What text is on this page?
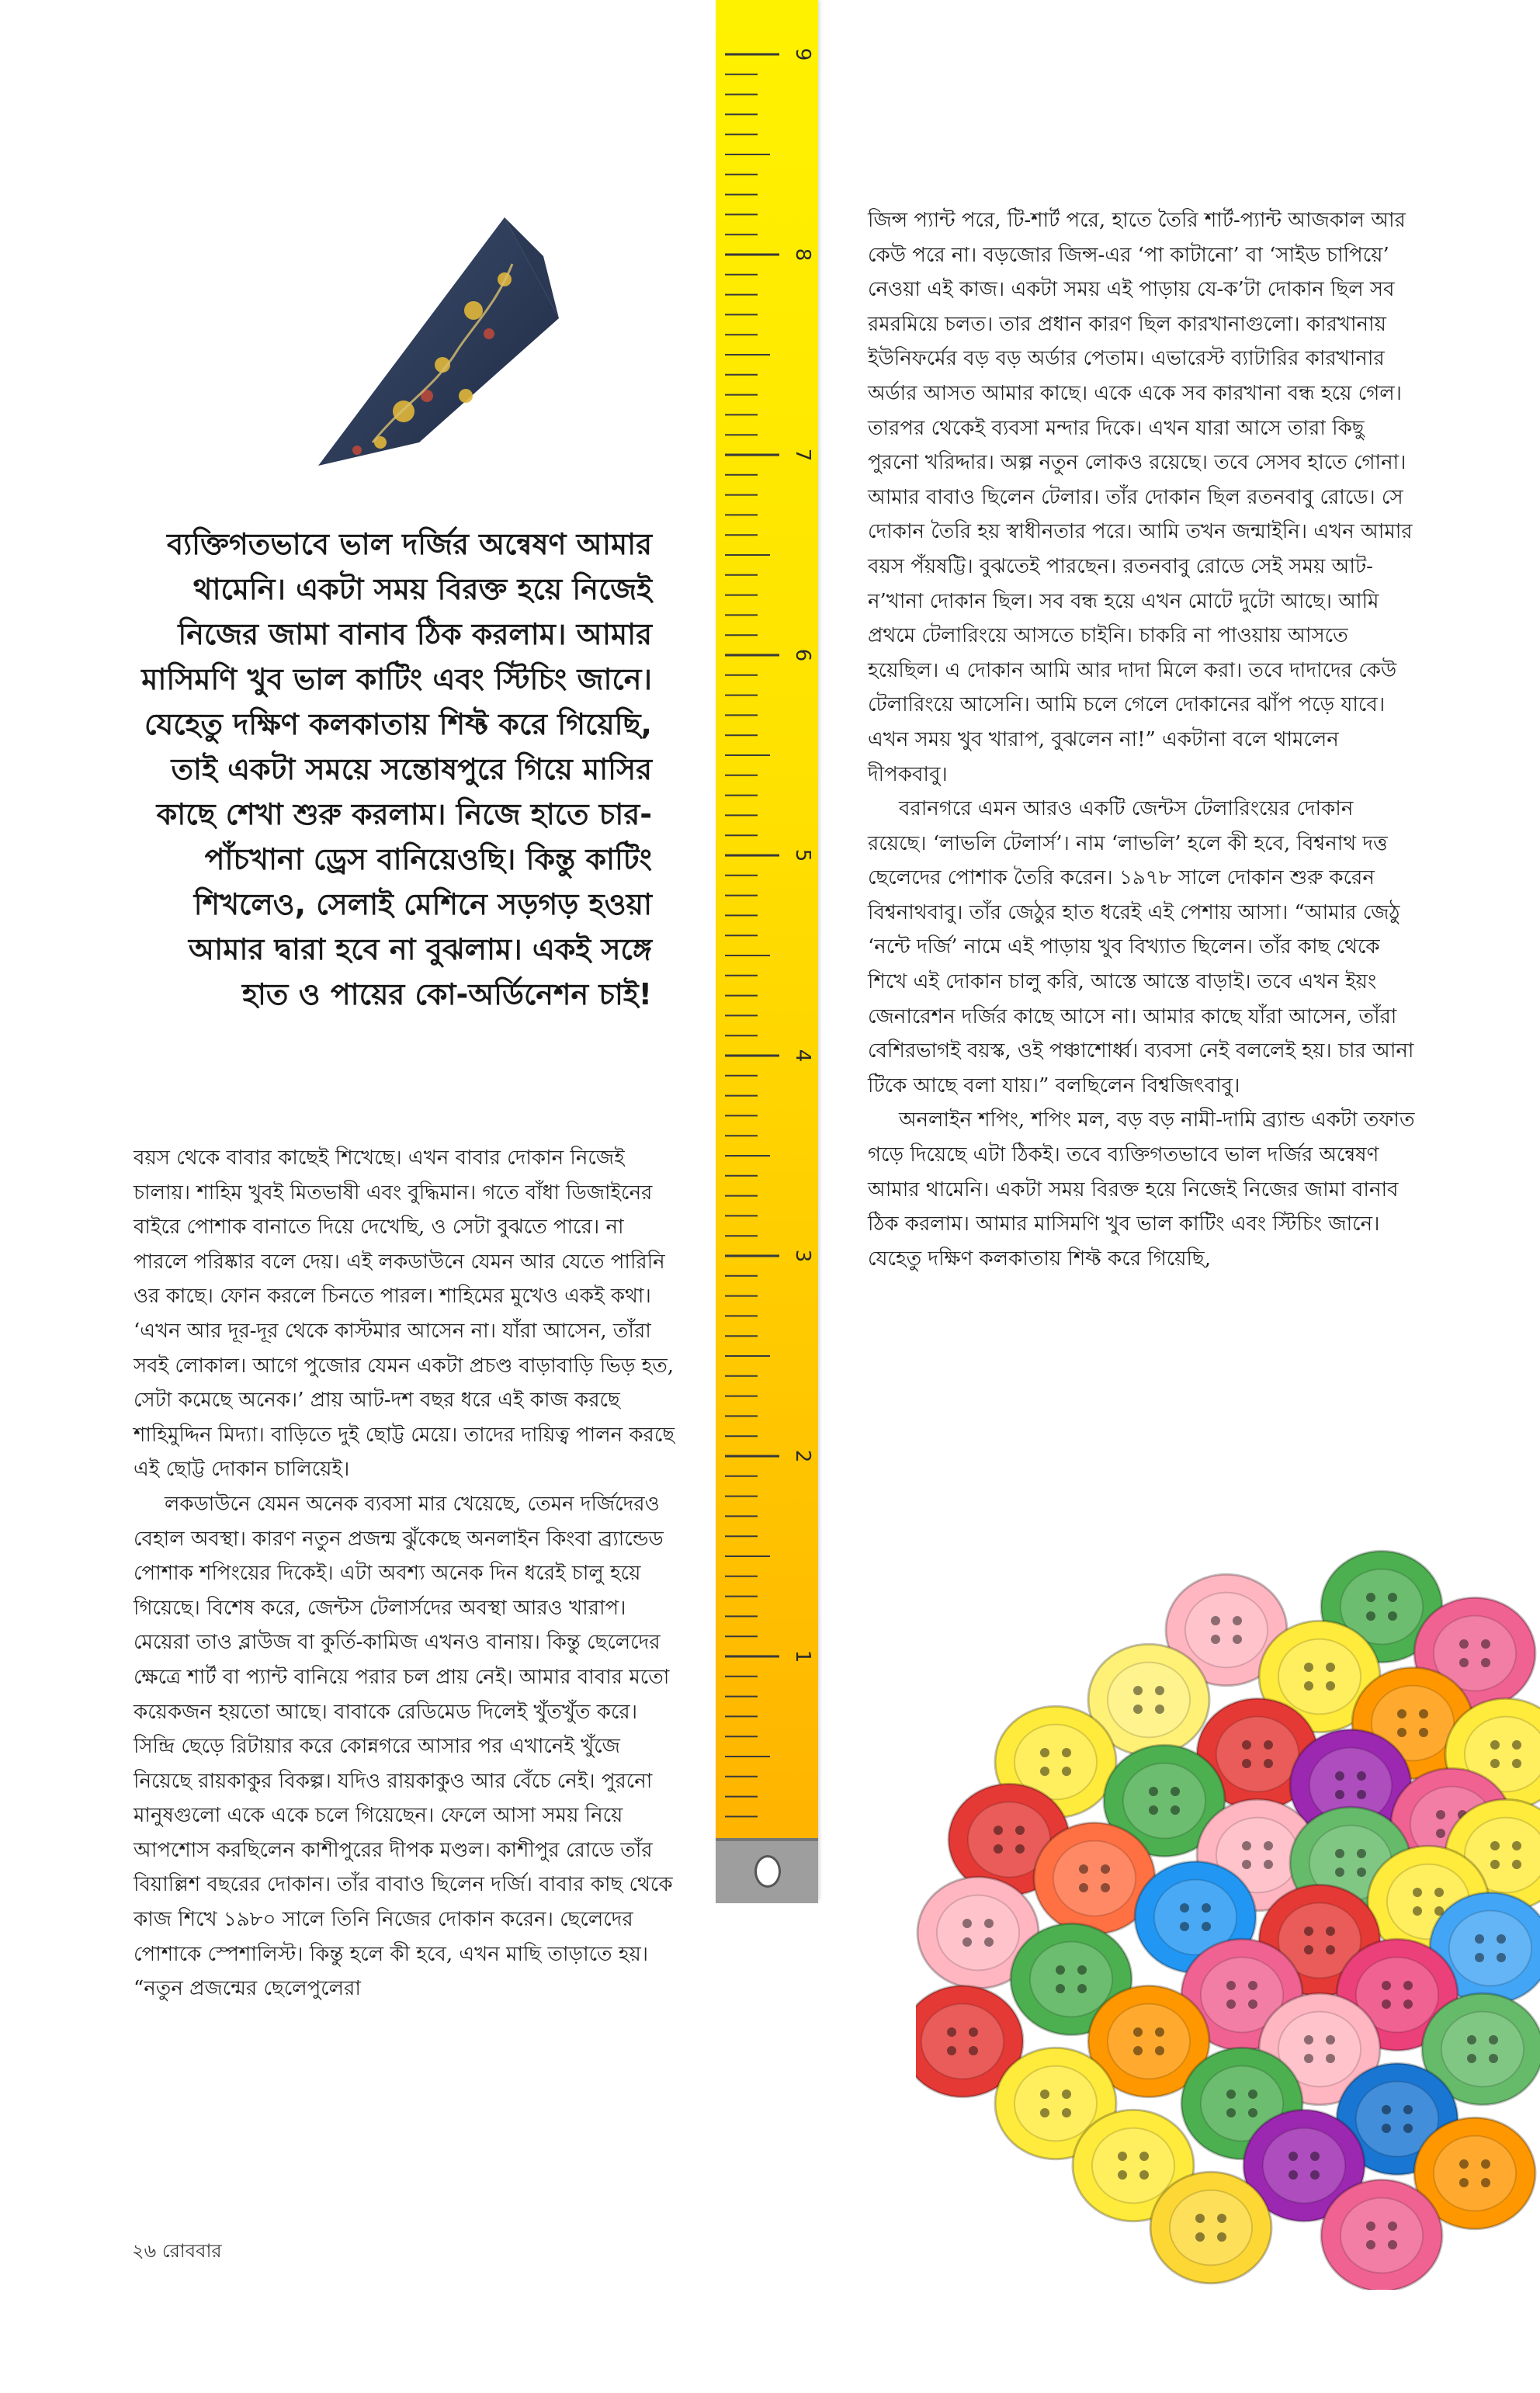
9
8
7
6
5
4
3
2
1

ব্যক্তিগতভাবে ভাল দর্জির অন্বেষণ আমার থামেনি। একটা সময় বিরক্ত হয়ে নিজেই নিজের জামা বানাব ঠিক করলাম। আমার মাসিমণি খুব ভাল কাটিং এবং স্টিচিং জানে। যেহেতু দক্ষিণ কলকাতায় শিফ্ট করে গিয়েছি, তাই একটা সময়ে সন্তোষপুরে গিয়ে মাসির কাছে শেখা শুরু করলাম। নিজে হাতে চার-পাঁচখানা ড্রেস বানিয়েওছি। কিন্তু কাটিং শিখলেও, সেলাই মেশিনে সড়গড় হওয়া আমার দ্বারা হবে না বুঝলাম। একই সঙ্গে হাত ও পায়ের কো-অর্ডিনেশন চাই!

বয়স থেকে বাবার কাছেই শিখেছে। এখন বাবার দোকান নিজেই চালায়। শাহিম খুবই মিতভাষী এবং বুদ্ধিমান। গতে বাঁধা ডিজাইনের বাইরে পোশাক বানাতে দিয়ে দেখেছি, ও সেটা বুঝতে পারে। না পারলে পরিষ্কার বলে দেয়। এই লকডাউনে যেমন আর যেতে পারিনি ওর কাছে। ফোন করলে চিনতে পারল। শাহিমের মুখেও একই কথা। ‘এখন আর দূর-দূর থেকে কাস্টমার আসেন না। যাঁরা আসেন, তাঁরা সবই লোকাল। আগে পুজোর যেমন একটা প্রচণ্ড বাড়াবাড়ি ভিড় হত, সেটা কমেছে অনেক।’ প্রায় আট-দশ বছর ধরে এই কাজ করছে শাহিমুদ্দিন মিদ্যা। বাড়িতে দুই ছোট্ট মেয়ে। তাদের দায়িত্ব পালন করছে এই ছোট্ট দোকান চালিয়েই।

লকডাউনে যেমন অনেক ব্যবসা মার খেয়েছে, তেমন দর্জিদেরও বেহাল অবস্থা। কারণ নতুন প্রজন্ম ঝুঁকেছে অনলাইন কিংবা ব্র্যান্ডেড পোশাক শপিংয়ের দিকেই। এটা অবশ্য অনেক দিন ধরেই চালু হয়ে গিয়েছে। বিশেষ করে, জেন্টস টেলার্সদের অবস্থা আরও খারাপ। মেয়েরা তাও ব্লাউজ বা কুর্তি-কামিজ এখনও বানায়। কিন্তু ছেলেদের ক্ষেত্রে শার্ট বা প্যান্ট বানিয়ে পরার চল প্রায় নেই। আমার বাবার মতো কয়েকজন হয়তো আছে। বাবাকে রেডিমেড দিলেই খুঁতখুঁত করে। সিন্দ্রি ছেড়ে রিটায়ার করে কোন্নগরে আসার পর এখানেই খুঁজে নিয়েছে রায়কাকুর বিকল্প। যদিও রায়কাকুও আর বেঁচে নেই। পুরনো মানুষগুলো একে একে চলে গিয়েছেন। ফেলে আসা সময় নিয়ে আপশোস করছিলেন কাশীপুরের দীপক মণ্ডল। কাশীপুর রোডে তাঁর বিয়াল্লিশ বছরের দোকান। তাঁর বাবাও ছিলেন দর্জি। বাবার কাছ থেকে কাজ শিখে ১৯৮০ সালে তিনি নিজের দোকান করেন। ছেলেদের পোশাকে স্পেশালিস্ট। কিন্তু হলে কী হবে, এখন মাছি তাড়াতে হয়। “নতুন প্রজন্মের ছেলেপুলেরা

জিন্স প্যান্ট পরে, টি-শার্ট পরে, হাতে তৈরি শার্ট-প্যান্ট আজকাল আর কেউ পরে না। বড়জোর জিন্স-এর ‘পা কাটানো’ বা ‘সাইড চাপিয়ে’ নেওয়া এই কাজ। একটা সময় এই পাড়ায় যে-ক’টা দোকান ছিল সব রমরমিয়ে চলত। তার প্রধান কারণ ছিল কারখানাগুলো। কারখানায় ইউনিফর্মের বড় বড় অর্ডার পেতাম। এভারেস্ট ব্যাটারির কারখানার অর্ডার আসত আমার কাছে। একে একে সব কারখানা বন্ধ হয়ে গেল। তারপর থেকেই ব্যবসা মন্দার দিকে। এখন যারা আসে তারা কিছু পুরনো খরিদ্দার। অল্প নতুন লোকও রয়েছে। তবে সেসব হাতে গোনা। আমার বাবাও ছিলেন টেলার। তাঁর দোকান ছিল রতনবাবু রোডে। সে দোকান তৈরি হয় স্বাধীনতার পরে। আমি তখন জন্মাইনি। এখন আমার বয়স পঁয়ষট্টি। বুঝতেই পারছেন। রতনবাবু রোডে সেই সময় আট-ন’খানা দোকান ছিল। সব বন্ধ হয়ে এখন মোটে দুটো আছে। আমি প্রথমে টেলারিংয়ে আসতে চাইনি। চাকরি না পাওয়ায় আসতে হয়েছিল। এ দোকান আমি আর দাদা মিলে করা। তবে দাদাদের কেউ টেলারিংয়ে আসেনি। আমি চলে গেলে দোকানের ঝাঁপ পড়ে যাবে। এখন সময় খুব খারাপ, বুঝলেন না!” একটানা বলে থামলেন দীপকবাবু।

বরানগরে এমন আরও একটি জেন্টস টেলারিংয়ের দোকান রয়েছে। ‘লাভলি টেলার্স’। নাম ‘লাভলি’ হলে কী হবে, বিশ্বনাথ দত্ত ছেলেদের পোশাক তৈরি করেন। ১৯৭৮ সালে দোকান শুরু করেন বিশ্বনাথবাবু। তাঁর জেঠুর হাত ধরেই এই পেশায় আসা। “আমার জেঠু ‘নন্টে দর্জি’ নামে এই পাড়ায় খুব বিখ্যাত ছিলেন। তাঁর কাছ থেকে শিখে এই দোকান চালু করি, আস্তে আস্তে বাড়াই। তবে এখন ইয়ং জেনারেশন দর্জির কাছে আসে না। আমার কাছে যাঁরা আসেন, তাঁরা বেশিরভাগই বয়স্ক, ওই পঞ্চাশোর্ধ্ব। ব্যবসা নেই বললেই হয়। চার আনা টিকে আছে বলা যায়।” বলছিলেন বিশ্বজিৎবাবু।

অনলাইন শপিং, শপিং মল, বড় বড় নামী-দামি ব্র্যান্ড একটা তফাত গড়ে দিয়েছে এটা ঠিকই। তবে ব্যক্তিগতভাবে ভাল দর্জির অন্বেষণ আমার থামেনি। একটা সময় বিরক্ত হয়ে নিজেই নিজের জামা বানাব ঠিক করলাম। আমার মাসিমণি খুব ভাল কাটিং এবং স্টিচিং জানে। যেহেতু দক্ষিণ কলকাতায় শিফ্ট করে গিয়েছি,

২৬ রোববার
